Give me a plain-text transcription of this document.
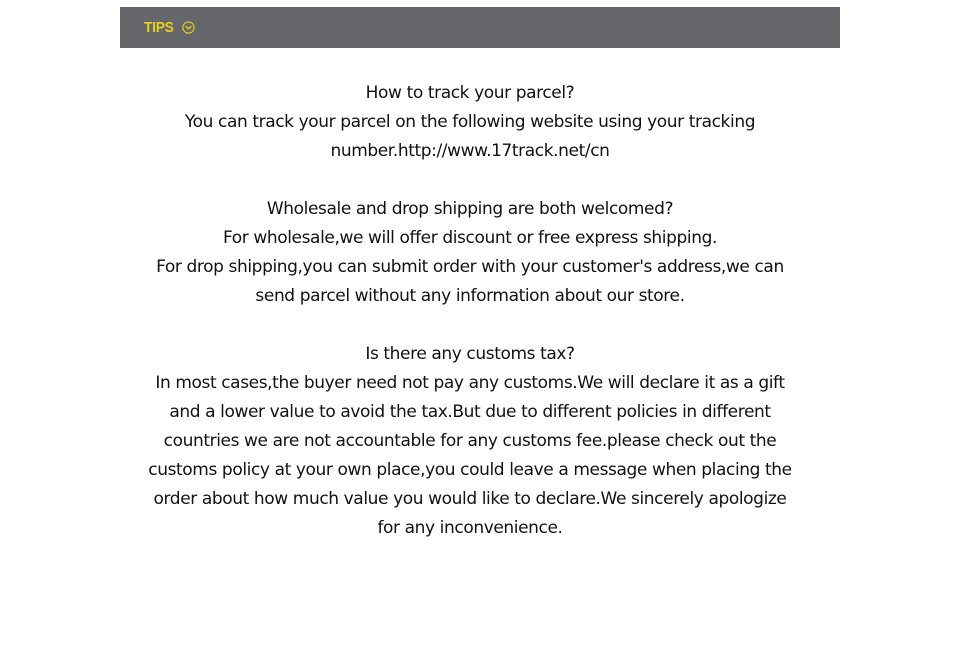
TIPS

How to track your parcel?

You can track your parcel on the following website using your tracking number.http://www.17track.net/cn

Wholesale and drop shipping are both welcomed?

For wholesale,we will offer discount or free express shipping.

For drop shipping,you can submit order with your customer's address,we can send parcel without any information about our store.

Is there any customs tax?

In most cases,the buyer need not pay any customs.We will declare it as a gift and a lower value to avoid the tax.But due to different policies in different countries we are not accountable for any customs fee.please check out the customs policy at your own place,you could leave a message when placing the order about how much value you would like to declare.We sincerely apologize for any inconvenience.
